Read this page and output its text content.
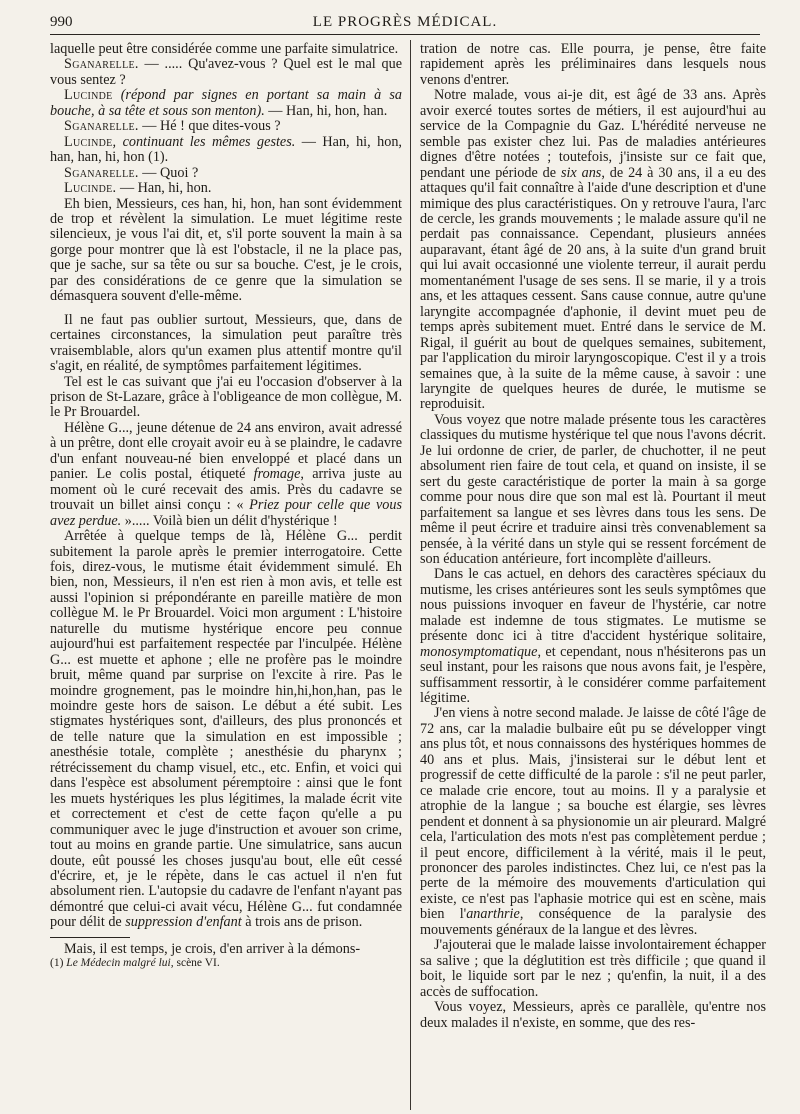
990	LE PROGRÈS MÉDICAL.

laquelle peut être considérée comme une parfaite simulatrice.

Sganarelle. — ..... Qu'avez-vous ? Quel est le mal que vous sentez ?

Lucinde (répond par signes en portant sa main à sa bouche, à sa tête et sous son menton). — Han, hi, hon, han.

Sganarelle. — Hé ! que dites-vous ?

Lucinde, continuant les mêmes gestes. — Han, hi, hon, han, han, hi, hon (1).

Sganarelle. — Quoi ?

Lucinde. — Han, hi, hon.

Eh bien, Messieurs, ces han, hi, hon, han sont évidemment de trop et révèlent la simulation. Le muet légitime reste silencieux, je vous l'ai dit, et, s'il porte souvent la main à sa gorge pour montrer que là est l'obstacle, il ne la place pas, que je sache, sur sa tête ou sur sa bouche. C'est, je le crois, par des considérations de ce genre que la simulation se démasquera souvent d'elle-même.

Il ne faut pas oublier surtout, Messieurs, que, dans de certaines circonstances, la simulation peut paraître très vraisemblable, alors qu'un examen plus attentif montre qu'il s'agit, en réalité, de symptômes parfaitement légitimes.

Tel est le cas suivant que j'ai eu l'occasion d'observer à la prison de St-Lazare, grâce à l'obligeance de mon collègue, M. le Pr Brouardel.

Hélène G..., jeune détenue de 24 ans environ, avait adressé à un prêtre, dont elle croyait avoir eu à se plaindre, le cadavre d'un enfant nouveau-né bien enveloppé et placé dans un panier. Le colis postal, étiqueté fromage, arriva juste au moment où le curé recevait des amis. Près du cadavre se trouvait un billet ainsi conçu : « Priez pour celle que vous avez perdue. »..... Voilà bien un délit d'hystérique !

Arrêtée à quelque temps de là, Hélène G... perdit subitement la parole après le premier interrogatoire. Cette fois, direz-vous, le mutisme était évidemment simulé. Eh bien, non, Messieurs, il n'en est rien à mon avis, et telle est aussi l'opinion si prépondérante en pareille matière de mon collègue M. le Pr Brouardel. Voici mon argument : L'histoire naturelle du mutisme hystérique encore peu connue aujourd'hui est parfaitement respectée par l'inculpée. Hélène G... est muette et aphone ; elle ne profère pas le moindre bruit, même quand par surprise on l'excite à rire. Pas le moindre grognement, pas le moindre hin,hi,hon,han, pas le moindre geste hors de saison. Le début a été subit. Les stigmates hystériques sont, d'ailleurs, des plus prononcés et de telle nature que la simulation en est impossible ; anesthésie totale, complète ; anesthésie du pharynx ; rétrécissement du champ visuel, etc., etc. Enfin, et voici qui dans l'espèce est absolument péremptoire : ainsi que le font les muets hystériques les plus légitimes, la malade écrit vite et correctement et c'est de cette façon qu'elle a pu communiquer avec le juge d'instruction et avouer son crime, tout au moins en grande partie. Une simulatrice, sans aucun doute, eût poussé les choses jusqu'au bout, elle eût cessé d'écrire, et, je le répète, dans le cas actuel il n'en fut absolument rien. L'autopsie du cadavre de l'enfant n'ayant pas démontré que celui-ci avait vécu, Hélène G... fut condamnée pour délit de suppression d'enfant à trois ans de prison.

Mais, il est temps, je crois, d'en arriver à la démons-

(1) Le Médecin malgré lui, scène VI.

tration de notre cas. Elle pourra, je pense, être faite rapidement après les préliminaires dans lesquels nous venons d'entrer.

Notre malade, vous ai-je dit, est âgé de 33 ans. Après avoir exercé toutes sortes de métiers, il est aujourd'hui au service de la Compagnie du Gaz. L'hérédité nerveuse ne semble pas exister chez lui. Pas de maladies antérieures dignes d'être notées ; toutefois, j'insiste sur ce fait que, pendant une période de six ans, de 24 à 30 ans, il a eu des attaques qu'il fait connaître à l'aide d'une description et d'une mimique des plus caractéristiques. On y retrouve l'aura, l'arc de cercle, les grands mouvements ; le malade assure qu'il ne perdait pas connaissance. Cependant, plusieurs années auparavant, étant âgé de 20 ans, à la suite d'un grand bruit qui lui avait occasionné une violente terreur, il aurait perdu momentanément l'usage de ses sens. Il se marie, il y a trois ans, et les attaques cessent. Sans cause connue, autre qu'une laryngite accompagnée d'aphonie, il devint muet peu de temps après subitement muet. Entré dans le service de M. Rigal, il guérit au bout de quelques semaines, subitement, par l'application du miroir laryngoscopique. C'est il y a trois semaines que, à la suite de la même cause, à savoir : une laryngite de quelques heures de durée, le mutisme se reproduisit.

Vous voyez que notre malade présente tous les caractères classiques du mutisme hystérique tel que nous l'avons décrit. Je lui ordonne de crier, de parler, de chuchotter, il ne peut absolument rien faire de tout cela, et quand on insiste, il se sert du geste caractéristique de porter la main à sa gorge comme pour nous dire que son mal est là. Pourtant il meut parfaitement sa langue et ses lèvres dans tous les sens. De même il peut écrire et traduire ainsi très convenablement sa pensée, à la vérité dans un style qui se ressent forcément de son éducation antérieure, fort incomplète d'ailleurs.

Dans le cas actuel, en dehors des caractères spéciaux du mutisme, les crises antérieures sont les seuls symptômes que nous puissions invoquer en faveur de l'hystérie, car notre malade est indemne de tous stigmates. Le mutisme se présente donc ici à titre d'accident hystérique solitaire, monosymptomatique, et cependant, nous n'hésiterons pas un seul instant, pour les raisons que nous avons fait, je l'espère, suffisamment ressortir, à le considérer comme parfaitement légitime.

J'en viens à notre second malade. Je laisse de côté l'âge de 72 ans, car la maladie bulbaire eût pu se développer vingt ans plus tôt, et nous connaissons des hystériques hommes de 40 ans et plus. Mais, j'insisterai sur le début lent et progressif de cette difficulté de la parole : s'il ne peut parler, ce malade crie encore, tout au moins. Il y a paralysie et atrophie de la langue ; sa bouche est élargie, ses lèvres pendent et donnent à sa physionomie un air pleurard. Malgré cela, l'articulation des mots n'est pas complètement perdue ; il peut encore, difficilement à la vérité, mais il le peut, prononcer des paroles indistinctes. Chez lui, ce n'est pas la perte de la mémoire des mouvements d'articulation qui existe, ce n'est pas l'aphasie motrice qui est en scène, mais bien l'anarthrie, conséquence de la paralysie des mouvements généraux de la langue et des lèvres.

J'ajouterai que le malade laisse involontairement échapper sa salive ; que la déglutition est très difficile ; que quand il boit, le liquide sort par le nez ; qu'enfin, la nuit, il a des accès de suffocation.

Vous voyez, Messieurs, après ce parallèle, qu'entre nos deux malades il n'existe, en somme, que des res-
